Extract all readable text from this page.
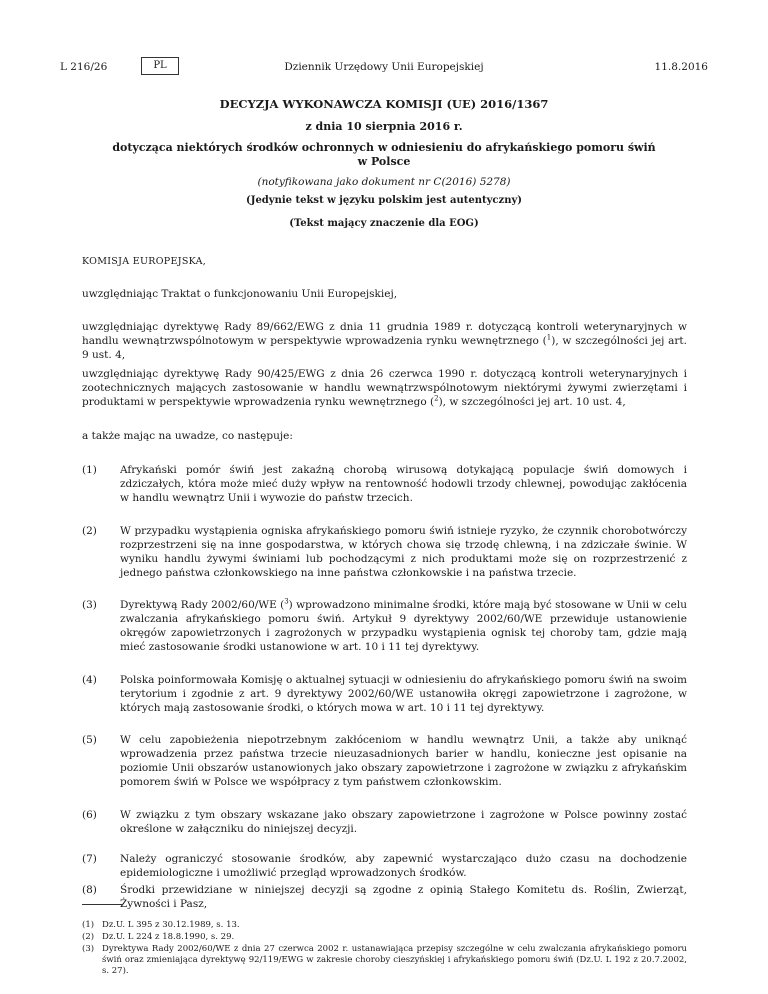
L 216/26	PL	Dziennik Urzędowy Unii Europejskiej	11.8.2016
DECYZJA WYKONAWCZA KOMISJI (UE) 2016/1367
z dnia 10 sierpnia 2016 r.
dotycząca niektórych środków ochronnych w odniesieniu do afrykańskiego pomoru świń
w Polsce
(notyfikowana jako dokument nr C(2016) 5278)
(Jedynie tekst w języku polskim jest autentyczny)
(Tekst mający znaczenie dla EOG)
KOMISJA EUROPEJSKA,
uwzględniając Traktat o funkcjonowaniu Unii Europejskiej,
uwzględniając dyrektywę Rady 89/662/EWG z dnia 11 grudnia 1989 r. dotyczącą kontroli weterynaryjnych w handlu wewnątrzwspólnotowym w perspektywie wprowadzenia rynku wewnętrznego ($^1$), w szczególności jej art. 9 ust. 4,
uwzględniając dyrektywę Rady 90/425/EWG z dnia 26 czerwca 1990 r. dotyczącą kontroli weterynaryjnych i zootechnicznych mających zastosowanie w handlu wewnątrzwspólnotowym niektórymi żywymi zwierzętami i produktami w perspektywie wprowadzenia rynku wewnętrznego ($^2$), w szczególności jej art. 10 ust. 4,
a także mając na uwadze, co następuje:
(1) Afrykański pomór świń jest zakaźną chorobą wirusową dotykającą populacje świń domowych i zdziczałych, która może mieć duży wpływ na rentowność hodowli trzody chlewnej, powodując zakłócenia w handlu wewnątrz Unii i wywozie do państw trzecich.
(2) W przypadku wystąpienia ogniska afrykańskiego pomoru świń istnieje ryzyko, że czynnik chorobotwórczy rozprzestrzeni się na inne gospodarstwa, w których chowa się trzodę chlewną, i na zdziczałe świnie. W wyniku handlu żywymi świniami lub pochodzącymi z nich produktami może się on rozprzestrzenić z jednego państwa członkowskiego na inne państwa członkowskie i na państwa trzecie.
(3) Dyrektywą Rady 2002/60/WE ($^3$) wprowadzono minimalne środki, które mają być stosowane w Unii w celu zwalczania afrykańskiego pomoru świń. Artykuł 9 dyrektywy 2002/60/WE przewiduje ustanowienie okręgów zapowietrzonych i zagrożonych w przypadku wystąpienia ognisk tej choroby tam, gdzie mają mieć zastosowanie środki ustanowione w art. 10 i 11 tej dyrektywy.
(4) Polska poinformowała Komisję o aktualnej sytuacji w odniesieniu do afrykańskiego pomoru świń na swoim terytorium i zgodnie z art. 9 dyrektywy 2002/60/WE ustanowiła okręgi zapowietrzone i zagrożone, w których mają zastosowanie środki, o których mowa w art. 10 i 11 tej dyrektywy.
(5) W celu zapobieżenia niepotrzebnym zakłóceniom w handlu wewnątrz Unii, a także aby uniknąć wprowadzenia przez państwa trzecie nieuzasadnionych barier w handlu, konieczne jest opisanie na poziomie Unii obszarów ustanowionych jako obszary zapowietrzone i zagrożone w związku z afrykańskim pomorem świń w Polsce we współpracy z tym państwem członkowskim.
(6) W związku z tym obszary wskazane jako obszary zapowietrzone i zagrożone w Polsce powinny zostać określone w załączniku do niniejszej decyzji.
(7) Należy ograniczyć stosowanie środków, aby zapewnić wystarczająco dużo czasu na dochodzenie epidemiologiczne i umożliwić przegląd wprowadzonych środków.
(8) Środki przewidziane w niniejszej decyzji są zgodne z opinią Stałego Komitetu ds. Roślin, Zwierząt, Żywności i Pasz,
(1) Dz.U. L 395 z 30.12.1989, s. 13.
(2) Dz.U. L 224 z 18.8.1990, s. 29.
(3) Dyrektywa Rady 2002/60/WE z dnia 27 czerwca 2002 r. ustanawiająca przepisy szczególne w celu zwalczania afrykańskiego pomoru świń oraz zmieniająca dyrektywę 92/119/EWG w zakresie choroby cieszyńskiej i afrykańskiego pomoru świń (Dz.U. L 192 z 20.7.2002, s. 27).
